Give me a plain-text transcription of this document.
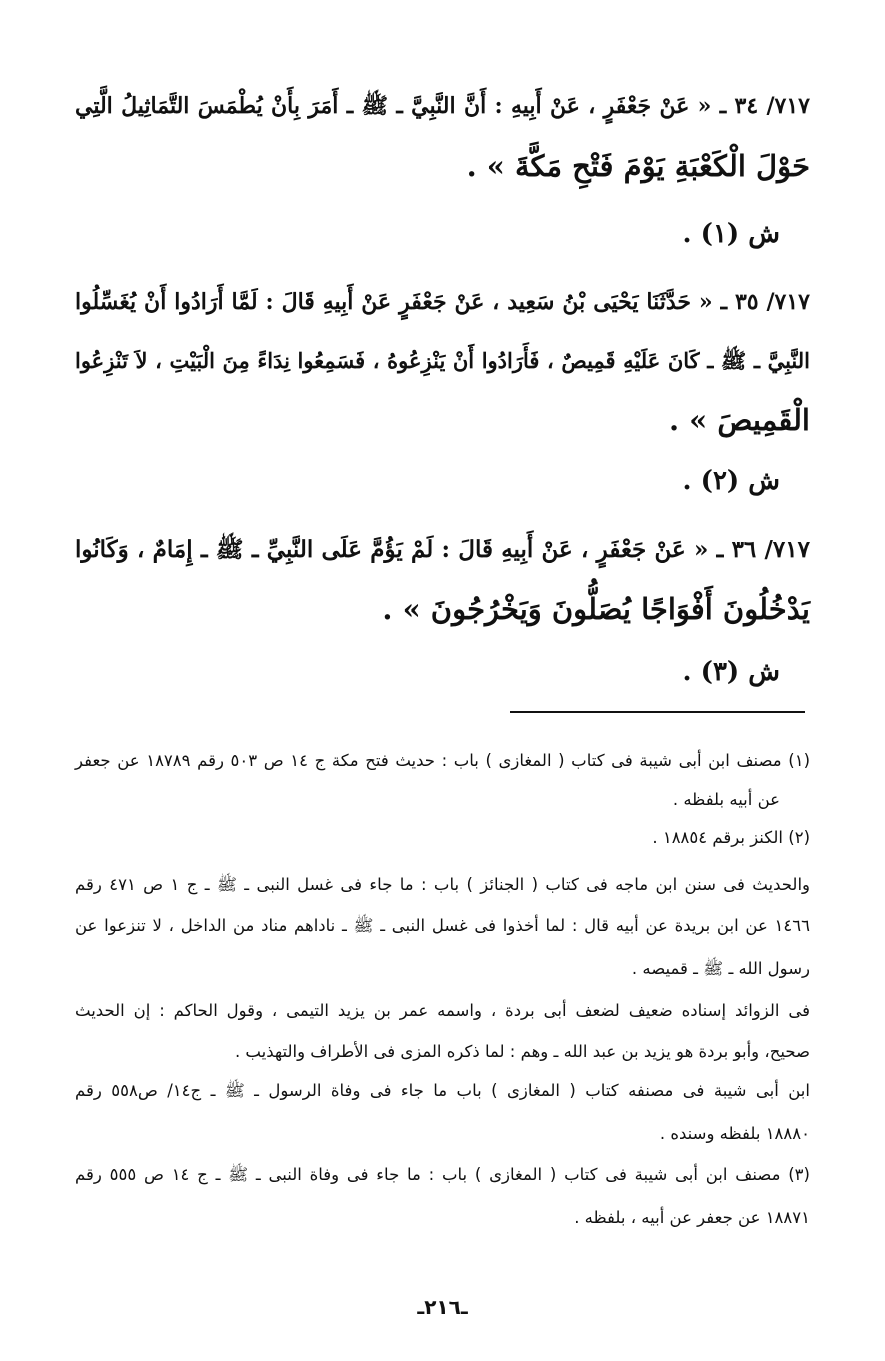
٧١٧/ ٣٤ ـ « عَنْ جَعْفَرٍ ، عَنْ أَبِيهِ : أَنَّ النَّبِيَّ ـ ﷺ ـ أَمَرَ بِأَنْ يُطْمَسَ التَّمَاثِيلُ الَّتِي
حَوْلَ الْكَعْبَةِ يَوْمَ فَتْحِ مَكَّةَ » .
ش (١) .
٧١٧/ ٣٥ ـ « حَدَّثَنَا يَحْيَى بْنُ سَعِيد ، عَنْ جَعْفَرٍ عَنْ أَبِيهِ قَالَ : لَمَّا أَرَادُوا أَنْ يُغَسِّلُوا
النَّبِيَّ ـ ﷺ ـ كَانَ عَلَيْهِ قَمِيصٌ ، فَأَرَادُوا أَنْ يَنْزِعُوهُ ، فَسَمِعُوا نِدَاءً مِنَ الْبَيْتِ ، لاَ تَنْزِعُوا
الْقَمِيصَ » .
ش (٢) .
٧١٧/ ٣٦ ـ « عَنْ جَعْفَرٍ ، عَنْ أَبِيهِ قَالَ : لَمْ يَؤُمَّ عَلَى النَّبِيِّ ـ ﷺ ـ إِمَامٌ ، وَكَانُوا
يَدْخُلُونَ أَفْوَاجًا يُصَلُّونَ وَيَخْرُجُونَ » .
ش (٣) .
(١) مصنف ابن أبى شيبة فى كتاب ( المغازى ) باب : حديث فتح مكة ج ١٤ ص ٥٠٣ رقم ١٨٧٨٩ عن جعفر
عن أبيه بلفظه .
(٢) الكنز برقم ١٨٨٥٤ .
والحديث فى سنن ابن ماجه فى كتاب ( الجنائز ) باب : ما جاء فى غسل النبى ـ ﷺ ـ ج ١ ص ٤٧١ رقم
١٤٦٦ عن ابن بريدة عن أبيه قال : لما أخذوا فى غسل النبى ـ ﷺ ـ ناداهم مناد من الداخل ، لا تنزعوا عن
رسول الله ـ ﷺ ـ قميصه .
فى الزوائد إسناده ضعيف لضعف أبى بردة ، واسمه عمر بن يزيد التيمى ، وقول الحاكم : إن الحديث
صحيح، وأبو بردة هو يزيد بن عبد الله ـ وهم : لما ذكره المزى فى الأطراف والتهذيب .
ابن أبى شيبة فى مصنفه كتاب ( المغازى ) باب ما جاء فى وفاة الرسول ـ ﷺ ـ ج١٤/ ص٥٥٨ رقم
١٨٨٨٠ بلفظه وسنده .
(٣) مصنف ابن أبى شيبة فى كتاب ( المغازى ) باب : ما جاء فى وفاة النبى ـ ﷺ ـ ج ١٤ ص ٥٥٥ رقم
١٨٨٧١ عن جعفر عن أبيه ، بلفظه .
ـ٢١٦ـ
